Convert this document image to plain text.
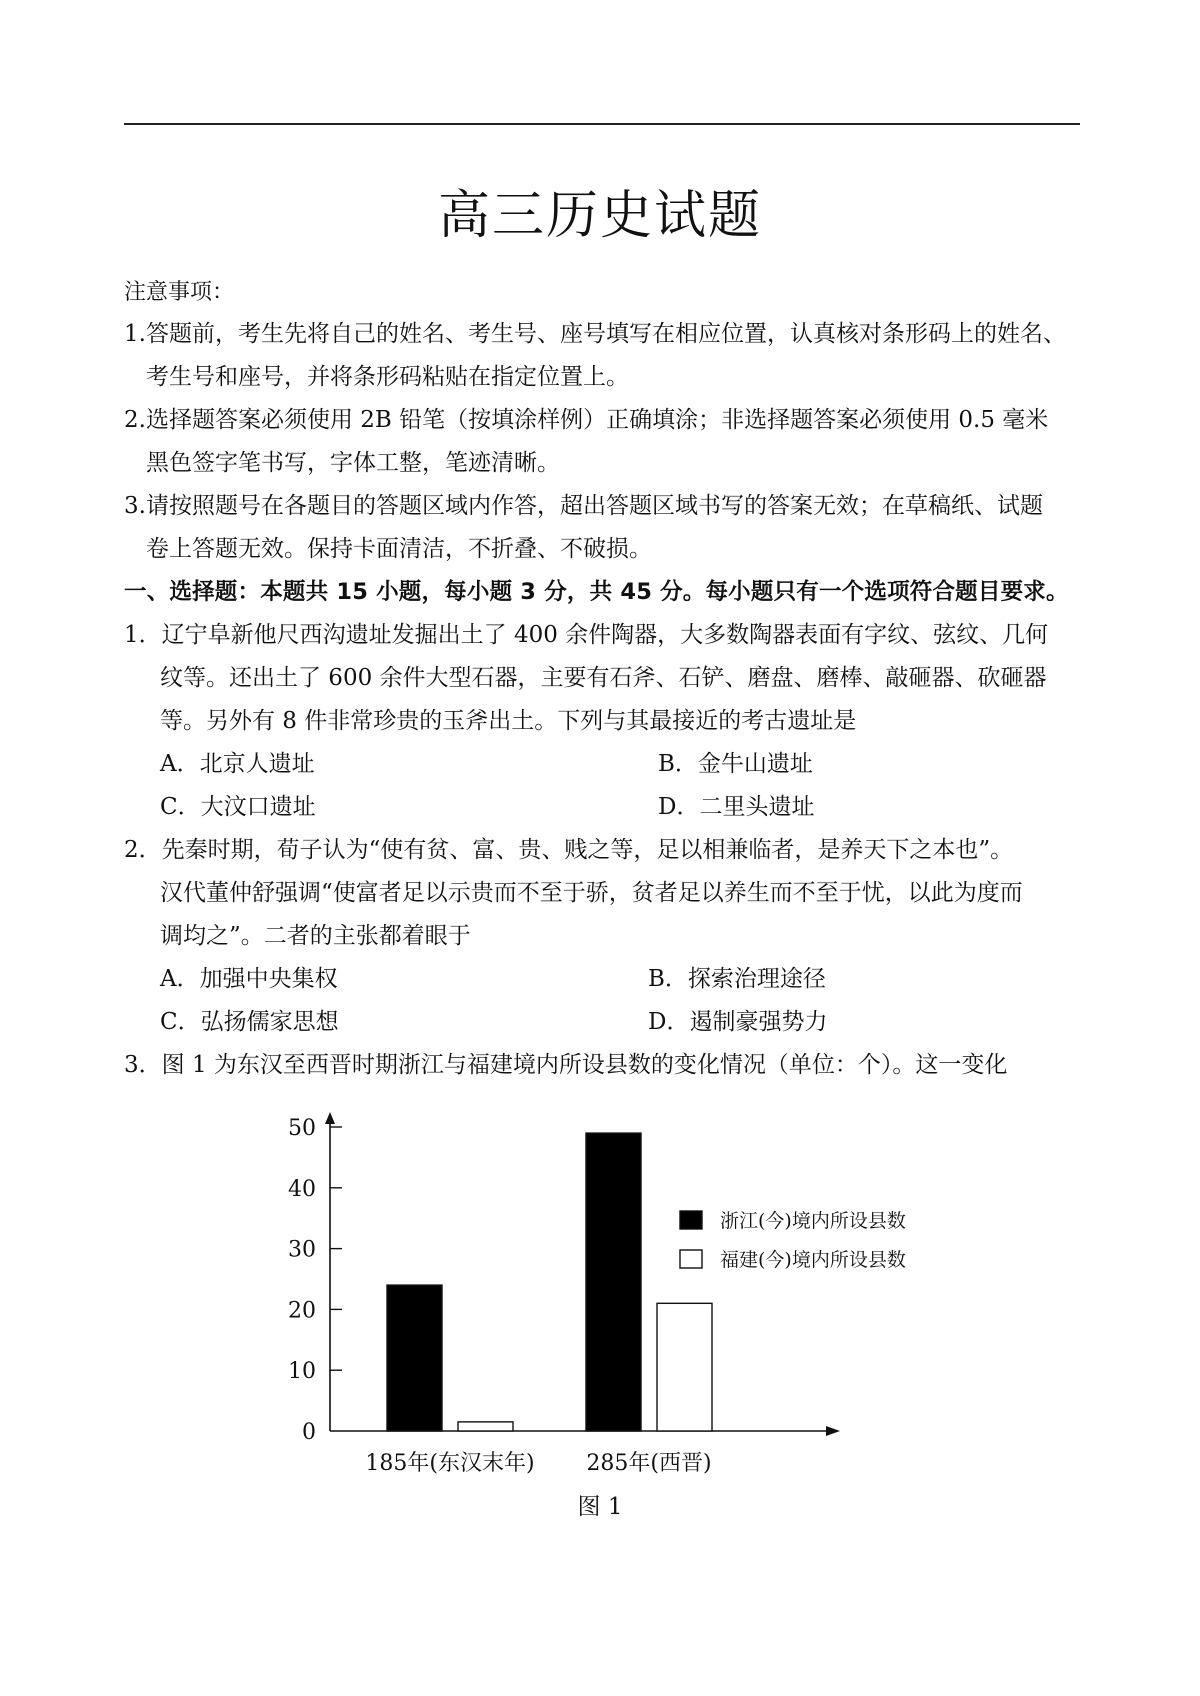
高三历史试题
注意事项：
1.答题前，考生先将自己的姓名、考生号、座号填写在相应位置，认真核对条形码上的姓名、
考生号和座号，并将条形码粘贴在指定位置上。
2.选择题答案必须使用 2B 铅笔（按填涂样例）正确填涂；非选择题答案必须使用 0.5 毫米
黑色签字笔书写，字体工整，笔迹清晰。
3.请按照题号在各题目的答题区域内作答，超出答题区域书写的答案无效；在草稿纸、试题
卷上答题无效。保持卡面清洁，不折叠、不破损。
一、选择题：本题共 15 小题，每小题 3 分，共 45 分。每小题只有一个选项符合题目要求。
1．辽宁阜新他尺西沟遗址发掘出土了 400 余件陶器，大多数陶器表面有字纹、弦纹、几何
纹等。还出土了 600 余件大型石器，主要有石斧、石铲、磨盘、磨棒、敲砸器、砍砸器
等。另外有 8 件非常珍贵的玉斧出土。下列与其最接近的考古遗址是
A．北京人遗址	B．金牛山遗址
C．大汶口遗址	D．二里头遗址
2．先秦时期，荀子认为“使有贫、富、贵、贱之等，足以相兼临者，是养天下之本也”。
汉代董仲舒强调“使富者足以示贵而不至于骄，贫者足以养生而不至于忧，以此为度而
调均之”。二者的主张都着眼于
A．加强中央集权	B．探索治理途径
C．弘扬儒家思想	D．遏制豪强势力
3．图 1 为东汉至西晋时期浙江与福建境内所设县数的变化情况（单位：个）。这一变化
0
10
20
30
40
50
185年(东汉末年) 285年(西晋)
浙江(今)境内所设县数
福建(今)境内所设县数
图 1
